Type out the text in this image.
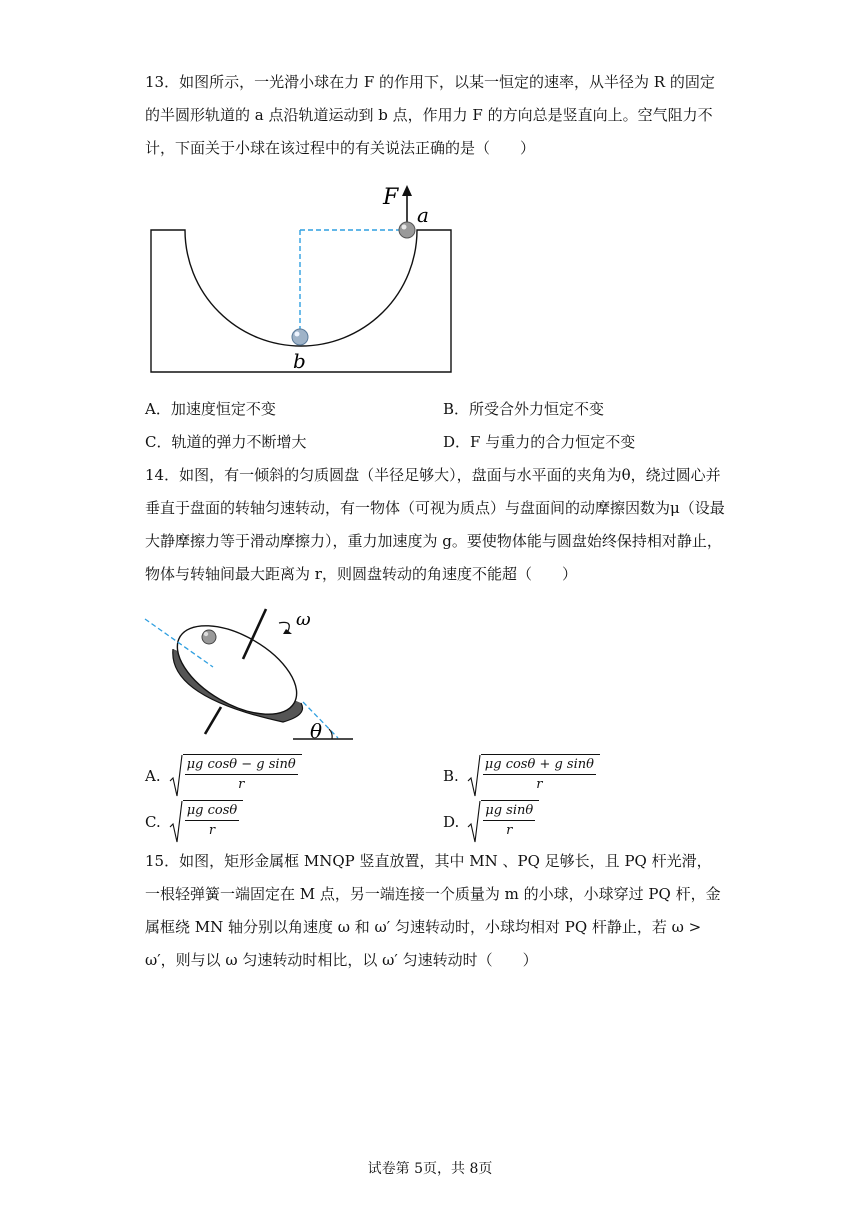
13．如图所示，一光滑小球在力 F 的作用下，以某一恒定的速率，从半径为 R 的固定的半圆形轨道的 a 点沿轨道运动到 b 点，作用力 F 的方向总是竖直向上。空气阻力不计，下面关于小球在该过程中的有关说法正确的是（　　）
F
a
b
A．加速度恒定不变	B．所受合外力恒定不变
C．轨道的弹力不断增大	D．F 与重力的合力恒定不变
14．如图，有一倾斜的匀质圆盘（半径足够大），盘面与水平面的夹角为θ，绕过圆心并垂直于盘面的转轴匀速转动，有一物体（可视为质点）与盘面间的动摩擦因数为μ（设最大静摩擦力等于滑动摩擦力），重力加速度为 g。要使物体能与圆盘始终保持相对静止，物体与转轴间最大距离为 r，则圆盘转动的角速度不能超（　　）
ω
θ
A. $\frac{\text{μg cosθ − g sinθ}}{r}$	B. $\frac{\text{μg cosθ + g sinθ}}{r}$
C. $\frac{\text{μg cosθ}}{r}$	D. $\frac{\text{μg sinθ}}{r}$
15．如图，矩形金属框 MNQP 竖直放置，其中 MN 、PQ 足够长，且 PQ 杆光滑，一根轻弹簧一端固定在 M 点，另一端连接一个质量为 m 的小球，小球穿过 PQ 杆，金属框绕 MN 轴分别以角速度 ω 和 ω′ 匀速转动时，小球均相对 PQ 杆静止，若 ω > ω′，则与以 ω 匀速转动时相比，以 ω′ 匀速转动时（　　）
试卷第 5页，共 8页
